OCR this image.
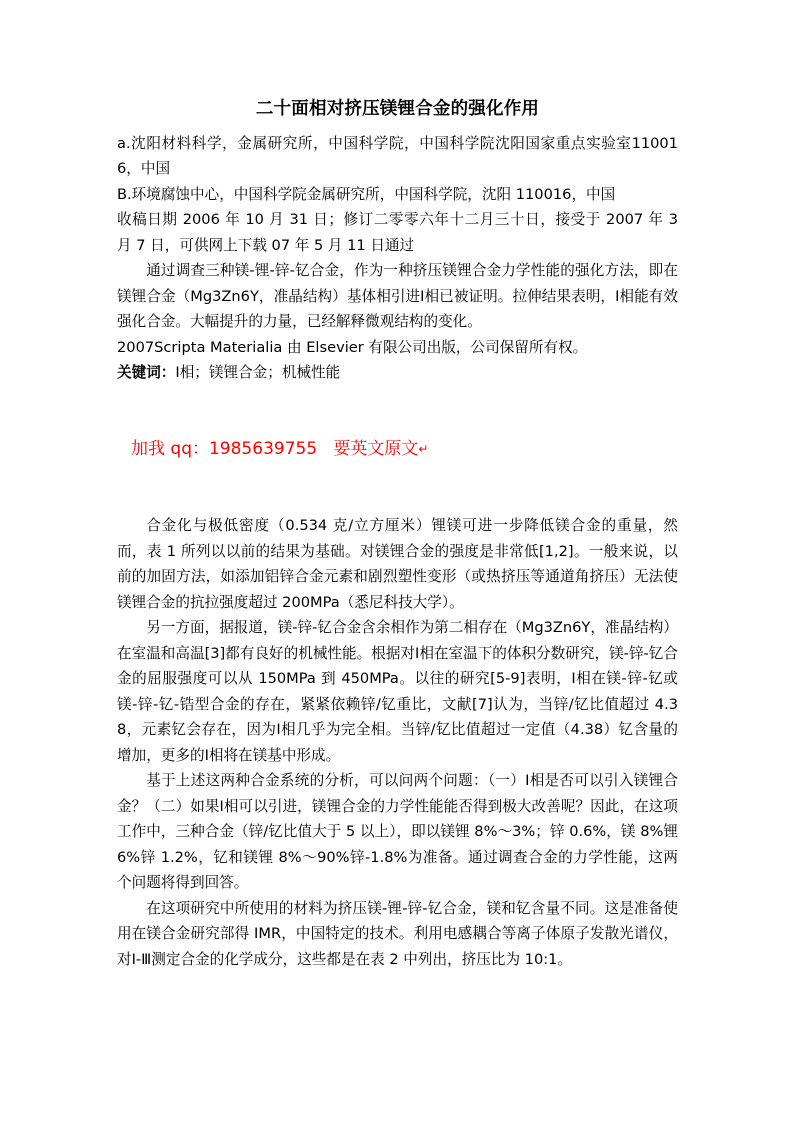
二十面相对挤压镁锂合金的强化作用

a.沈阳材料科学，金属研究所，中国科学院，中国科学院沈阳国家重点实验室110016，中国

B.环境腐蚀中心，中国科学院金属研究所，中国科学院，沈阳 110016，中国

收稿日期 2006 年 10 月 31 日；修订二零零六年十二月三十日，接受于 2007 年 3 月 7 日，可供网上下载 07 年 5 月 11 日通过

通过调查三种镁-锂-锌-钇合金，作为一种挤压镁锂合金力学性能的强化方法，即在镁锂合金（Mg3Zn6Y，准晶结构）基体相引进Ⅰ相已被证明。拉伸结果表明，Ⅰ相能有效强化合金。大幅提升的力量，已经解释微观结构的变化。

2007Scripta Materialia 由 Elsevier 有限公司出版，公司保留所有权。

关键词：Ⅰ相；镁锂合金；机械性能

加我 qq：1985639755   要英文原文↵

合金化与极低密度（0.534 克/立方厘米）锂镁可进一步降低镁合金的重量，然而，表 1 所列以以前的结果为基础。对镁锂合金的强度是非常低[1,2]。一般来说，以前的加固方法，如添加铝锌合金元素和剧烈塑性变形（或热挤压等通道角挤压）无法使镁锂合金的抗拉强度超过 200MPa（悉尼科技大学）。

另一方面，据报道，镁-锌-钇合金含余相作为第二相存在（Mg3Zn6Y，准晶结构）在室温和高温[3]都有良好的机械性能。根据对Ⅰ相在室温下的体积分数研究，镁-锌-钇合金的屈服强度可以从 150MPa 到 450MPa。以往的研究[5-9]表明，Ⅰ相在镁-锌-钇或镁-锌-钇-锆型合金的存在，紧紧依赖锌/钇重比，文献[7]认为，当锌/钇比值超过 4.38，元素钇会存在，因为Ⅰ相几乎为完全相。当锌/钇比值超过一定值（4.38）钇含量的增加，更多的Ⅰ相将在镁基中形成。

基于上述这两种合金系统的分析，可以问两个问题：（一）Ⅰ相是否可以引入镁锂合金？（二）如果Ⅰ相可以引进，镁锂合金的力学性能能否得到极大改善呢？因此，在这项工作中，三种合金（锌/钇比值大于 5 以上），即以镁锂 8%～3%；锌 0.6%，镁 8%锂 6%锌 1.2%，钇和镁锂 8%～90%锌-1.8%为准备。通过调查合金的力学性能，这两个问题将得到回答。

在这项研究中所使用的材料为挤压镁-锂-锌-钇合金，镁和钇含量不同。这是准备使用在镁合金研究部得 IMR，中国特定的技术。利用电感耦合等离子体原子发散光谱仪，对Ⅰ-Ⅲ测定合金的化学成分，这些都是在表 2 中列出，挤压比为 10:1。
